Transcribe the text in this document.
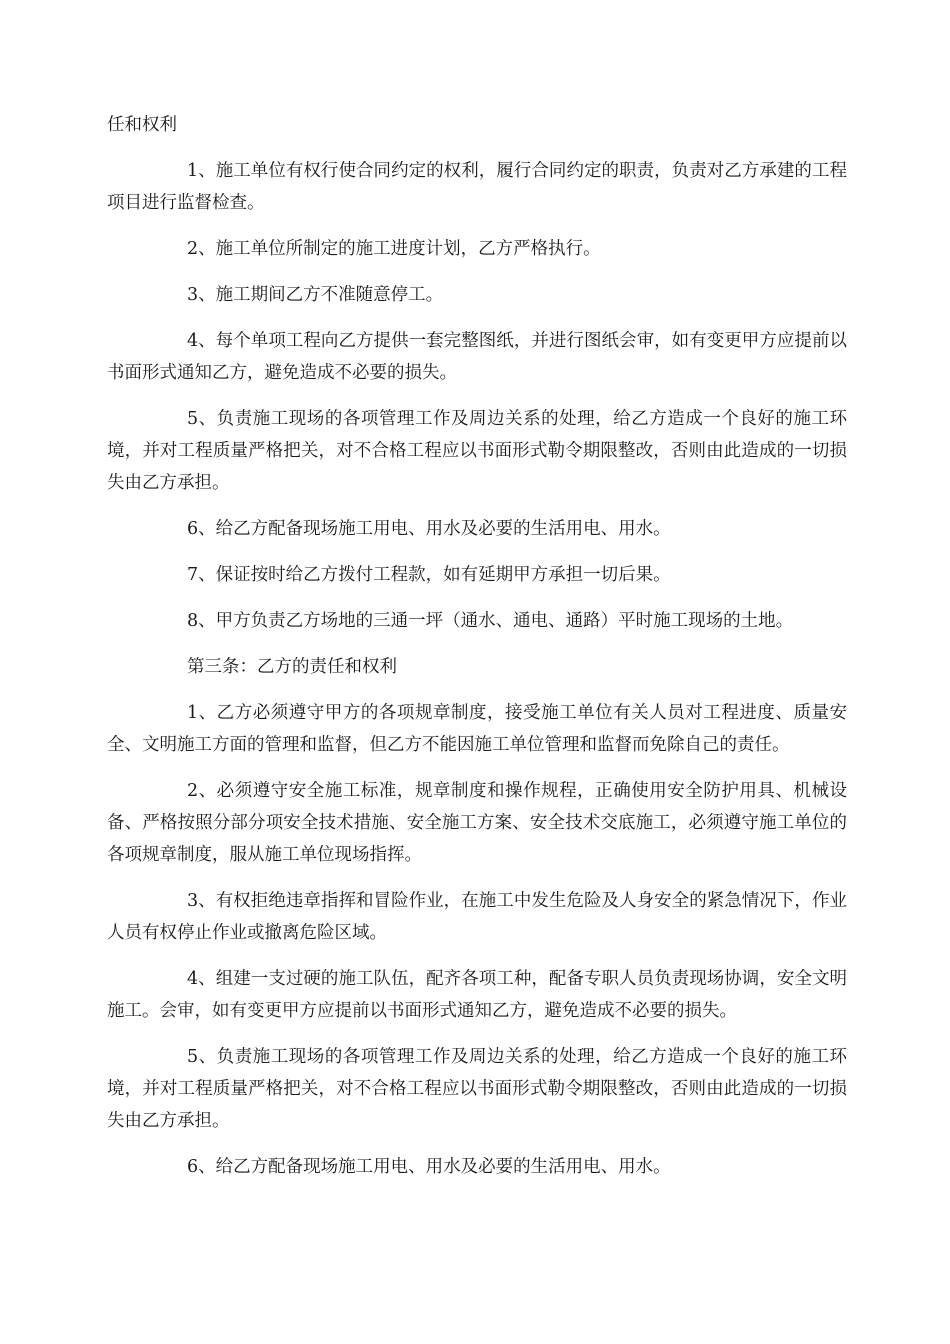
任和权利

1、施工单位有权行使合同约定的权利，履行合同约定的职责，负责对乙方承建的工程项目进行监督检查。

2、施工单位所制定的施工进度计划，乙方严格执行。

3、施工期间乙方不准随意停工。

4、每个单项工程向乙方提供一套完整图纸，并进行图纸会审，如有变更甲方应提前以书面形式通知乙方，避免造成不必要的损失。

5、负责施工现场的各项管理工作及周边关系的处理，给乙方造成一个良好的施工环境，并对工程质量严格把关，对不合格工程应以书面形式勒令期限整改，否则由此造成的一切损失由乙方承担。

6、给乙方配备现场施工用电、用水及必要的生活用电、用水。

7、保证按时给乙方拨付工程款，如有延期甲方承担一切后果。

8、甲方负责乙方场地的三通一坪（通水、通电、通路）平时施工现场的土地。

第三条：乙方的责任和权利

1、乙方必须遵守甲方的各项规章制度，接受施工单位有关人员对工程进度、质量安全、文明施工方面的管理和监督，但乙方不能因施工单位管理和监督而免除自己的责任。

2、必须遵守安全施工标准，规章制度和操作规程，正确使用安全防护用具、机械设备、严格按照分部分项安全技术措施、安全施工方案、安全技术交底施工，必须遵守施工单位的各项规章制度，服从施工单位现场指挥。

3、有权拒绝违章指挥和冒险作业，在施工中发生危险及人身安全的紧急情况下，作业人员有权停止作业或撤离危险区域。

4、组建一支过硬的施工队伍，配齐各项工种，配备专职人员负责现场协调，安全文明施工。会审，如有变更甲方应提前以书面形式通知乙方，避免造成不必要的损失。

5、负责施工现场的各项管理工作及周边关系的处理，给乙方造成一个良好的施工环境，并对工程质量严格把关，对不合格工程应以书面形式勒令期限整改，否则由此造成的一切损失由乙方承担。

6、给乙方配备现场施工用电、用水及必要的生活用电、用水。
